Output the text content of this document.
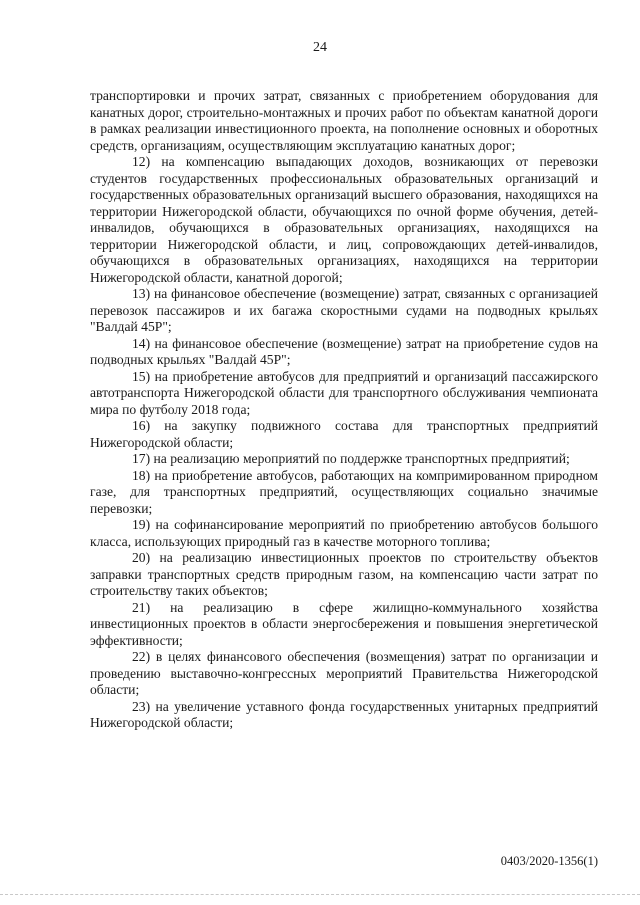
24

транспортировки и прочих затрат, связанных с приобретением оборудования для канатных дорог, строительно-монтажных и прочих работ по объектам канатной дороги в рамках реализации инвестиционного проекта, на пополнение основных и оборотных средств, организациям, осуществляющим эксплуатацию канатных дорог;

12) на компенсацию выпадающих доходов, возникающих от перевозки студентов государственных профессиональных образовательных организаций и государственных образовательных организаций высшего образования, находящихся на территории Нижегородской области, обучающихся по очной форме обучения, детей-инвалидов, обучающихся в образовательных организациях, находящихся на территории Нижегородской области, и лиц, сопровождающих детей-инвалидов, обучающихся в образовательных организациях, находящихся на территории Нижегородской области, канатной дорогой;

13) на финансовое обеспечение (возмещение) затрат, связанных с организацией перевозок пассажиров и их багажа скоростными судами на подводных крыльях "Валдай 45Р";

14) на финансовое обеспечение (возмещение) затрат на приобретение судов на подводных крыльях "Валдай 45Р";

15) на приобретение автобусов для предприятий и организаций пассажирского автотранспорта Нижегородской области для транспортного обслуживания чемпионата мира по футболу 2018 года;

16) на закупку подвижного состава для транспортных предприятий Нижегородской области;

17) на реализацию мероприятий по поддержке транспортных предприятий;

18) на приобретение автобусов, работающих на компримированном природном газе, для транспортных предприятий, осуществляющих социально значимые перевозки;

19) на софинансирование мероприятий по приобретению автобусов большого класса, использующих природный газ в качестве моторного топлива;

20) на реализацию инвестиционных проектов по строительству объектов заправки транспортных средств природным газом, на компенсацию части затрат по строительству таких объектов;

21) на реализацию в сфере жилищно-коммунального хозяйства инвестиционных проектов в области энергосбережения и повышения энергетической эффективности;

22) в целях финансового обеспечения (возмещения) затрат по организации и проведению выставочно-конгрессных мероприятий Правительства Нижегородской области;

23) на увеличение уставного фонда государственных унитарных предприятий Нижегородской области;

0403/2020-1356(1)
